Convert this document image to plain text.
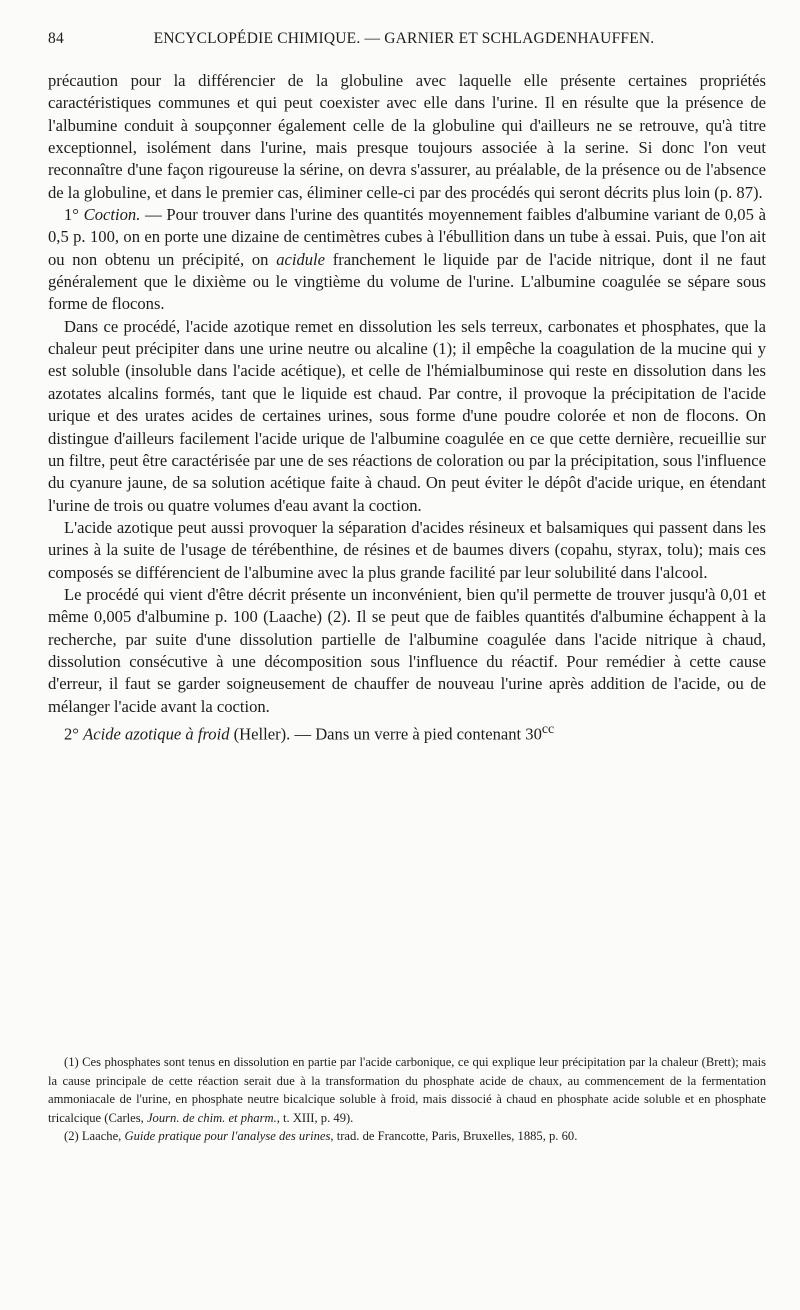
84	ENCYCLOPÉDIE CHIMIQUE. — GARNIER ET SCHLAGDENHAUFFEN.

précaution pour la différencier de la globuline avec laquelle elle présente certaines propriétés caractéristiques communes et qui peut coexister avec elle dans l'urine. Il en résulte que la présence de l'albumine conduit à soupçonner également celle de la globuline qui d'ailleurs ne se retrouve, qu'à titre exceptionnel, isolément dans l'urine, mais presque toujours associée à la serine. Si donc l'on veut reconnaître d'une façon rigoureuse la sérine, on devra s'assurer, au préalable, de la présence ou de l'absence de la globuline, et dans le premier cas, éliminer celle-ci par des procédés qui seront décrits plus loin (p. 87).

1° Coction. — Pour trouver dans l'urine des quantités moyennement faibles d'albumine variant de 0,05 à 0,5 p. 100, on en porte une dizaine de centimètres cubes à l'ébullition dans un tube à essai. Puis, que l'on ait ou non obtenu un précipité, on acidule franchement le liquide par de l'acide nitrique, dont il ne faut généralement que le dixième ou le vingtième du volume de l'urine. L'albumine coagulée se sépare sous forme de flocons.

Dans ce procédé, l'acide azotique remet en dissolution les sels terreux, carbonates et phosphates, que la chaleur peut précipiter dans une urine neutre ou alcaline (1); il empêche la coagulation de la mucine qui y est soluble (insoluble dans l'acide acétique), et celle de l'hémialbuminose qui reste en dissolution dans les azotates alcalins formés, tant que le liquide est chaud. Par contre, il provoque la précipitation de l'acide urique et des urates acides de certaines urines, sous forme d'une poudre colorée et non de flocons. On distingue d'ailleurs facilement l'acide urique de l'albumine coagulée en ce que cette dernière, recueillie sur un filtre, peut être caractérisée par une de ses réactions de coloration ou par la précipitation, sous l'influence du cyanure jaune, de sa solution acétique faite à chaud. On peut éviter le dépôt d'acide urique, en étendant l'urine de trois ou quatre volumes d'eau avant la coction.

L'acide azotique peut aussi provoquer la séparation d'acides résineux et balsamiques qui passent dans les urines à la suite de l'usage de térébenthine, de résines et de baumes divers (copahu, styrax, tolu); mais ces composés se différencient de l'albumine avec la plus grande facilité par leur solubilité dans l'alcool.

Le procédé qui vient d'être décrit présente un inconvénient, bien qu'il permette de trouver jusqu'à 0,01 et même 0,005 d'albumine p. 100 (Laache) (2). Il se peut que de faibles quantités d'albumine échappent à la recherche, par suite d'une dissolution partielle de l'albumine coagulée dans l'acide nitrique à chaud, dissolution consécutive à une décomposition sous l'influence du réactif. Pour remédier à cette cause d'erreur, il faut se garder soigneusement de chauffer de nouveau l'urine après addition de l'acide, ou de mélanger l'acide avant la coction.

2° Acide azotique à froid (Heller). — Dans un verre à pied contenant $30^{cc}$

(1) Ces phosphates sont tenus en dissolution en partie par l'acide carbonique, ce qui explique leur précipitation par la chaleur (Brett); mais la cause principale de cette réaction serait due à la transformation du phosphate acide de chaux, au commencement de la fermentation ammoniacale de l'urine, en phosphate neutre bicalcique soluble à froid, mais dissocié à chaud en phosphate acide soluble et en phosphate tricalcique (Carles, Journ. de chim. et pharm., t. XIII, p. 49).

(2) Laache, Guide pratique pour l'analyse des urines, trad. de Francotte, Paris, Bruxelles, 1885, p. 60.
